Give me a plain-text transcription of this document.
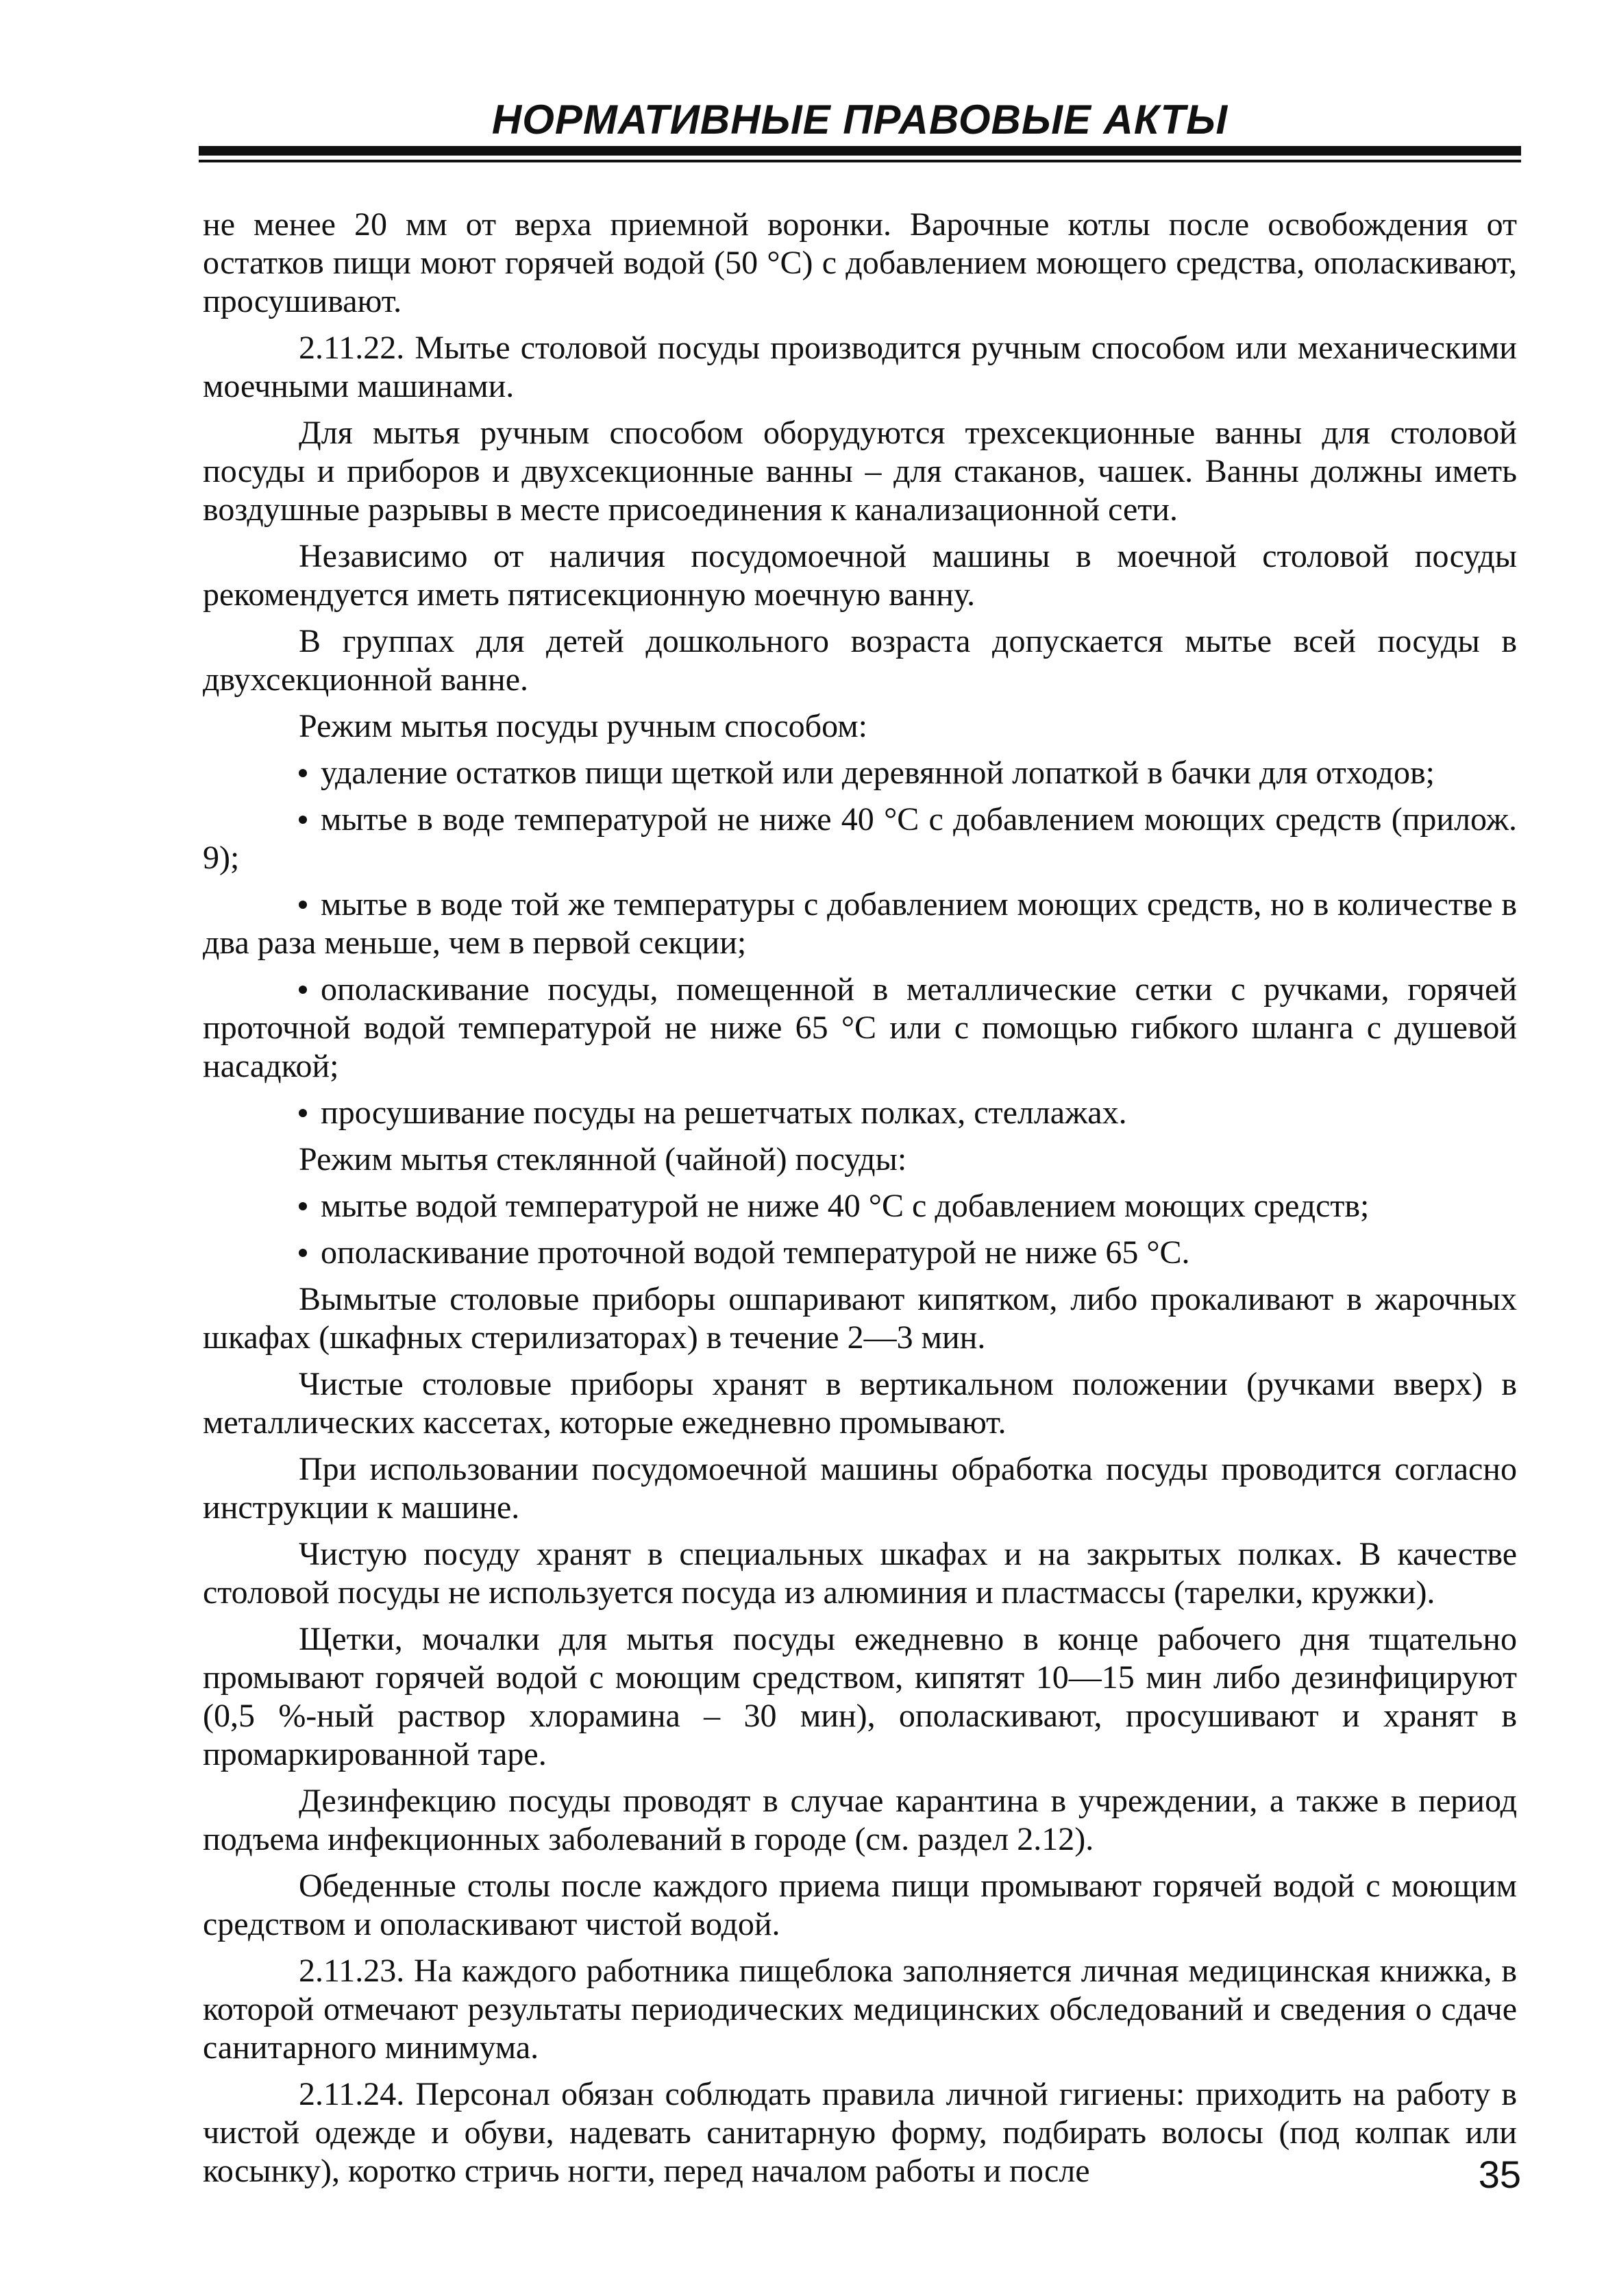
НОРМАТИВНЫЕ ПРАВОВЫЕ АКТЫ

не менее 20 мм от верха приемной воронки. Варочные котлы после освобождения от остатков пищи моют горячей водой (50 °С) с добавлением моющего средства, ополаскивают, просушивают.

2.11.22. Мытье столовой посуды производится ручным способом или механическими моечными машинами.

Для мытья ручным способом оборудуются трехсекционные ванны для столовой посуды и приборов и двухсекционные ванны – для стаканов, чашек. Ванны должны иметь воздушные разрывы в месте присоединения к канализационной сети.

Независимо от наличия посудомоечной машины в моечной столовой посуды рекомендуется иметь пятисекционную моечную ванну.

В группах для детей дошкольного возраста допускается мытье всей посуды в двухсекционной ванне.

Режим мытья посуды ручным способом:

удаление остатков пищи щеткой или деревянной лопаткой в бачки для отходов;

мытье в воде температурой не ниже 40 °С с добавлением моющих средств (прилож. 9);

мытье в воде той же температуры с добавлением моющих средств, но в количестве в два раза меньше, чем в первой секции;

ополаскивание посуды, помещенной в металлические сетки с ручками, горячей проточной водой температурой не ниже 65 °С или с помощью гибкого шланга с душевой насадкой;

просушивание посуды на решетчатых полках, стеллажах.

Режим мытья стеклянной (чайной) посуды:

мытье водой температурой не ниже 40 °С с добавлением моющих средств;

ополаскивание проточной водой температурой не ниже 65 °С.

Вымытые столовые приборы ошпаривают кипятком, либо прокаливают в жарочных шкафах (шкафных стерилизаторах) в течение 2—3 мин.

Чистые столовые приборы хранят в вертикальном положении (ручками вверх) в металлических кассетах, которые ежедневно промывают.

При использовании посудомоечной машины обработка посуды проводится согласно инструкции к машине.

Чистую посуду хранят в специальных шкафах и на закрытых полках. В качестве столовой посуды не используется посуда из алюминия и пластмассы (тарелки, кружки).

Щетки, мочалки для мытья посуды ежедневно в конце рабочего дня тщательно промывают горячей водой с моющим средством, кипятят 10—15 мин либо дезинфицируют (0,5 %-ный раствор хлорамина – 30 мин), ополаскивают, просушивают и хранят в промаркированной таре.

Дезинфекцию посуды проводят в случае карантина в учреждении, а также в период подъема инфекционных заболеваний в городе (см. раздел 2.12).

Обеденные столы после каждого приема пищи промывают горячей водой с моющим средством и ополаскивают чистой водой.

2.11.23. На каждого работника пищеблока заполняется личная медицинская книжка, в которой отмечают результаты периодических медицинских обследований и сведения о сдаче санитарного минимума.

2.11.24. Персонал обязан соблюдать правила личной гигиены: приходить на работу в чистой одежде и обуви, надевать санитарную форму, подбирать волосы (под колпак или косынку), коротко стричь ногти, перед началом работы и после	35
